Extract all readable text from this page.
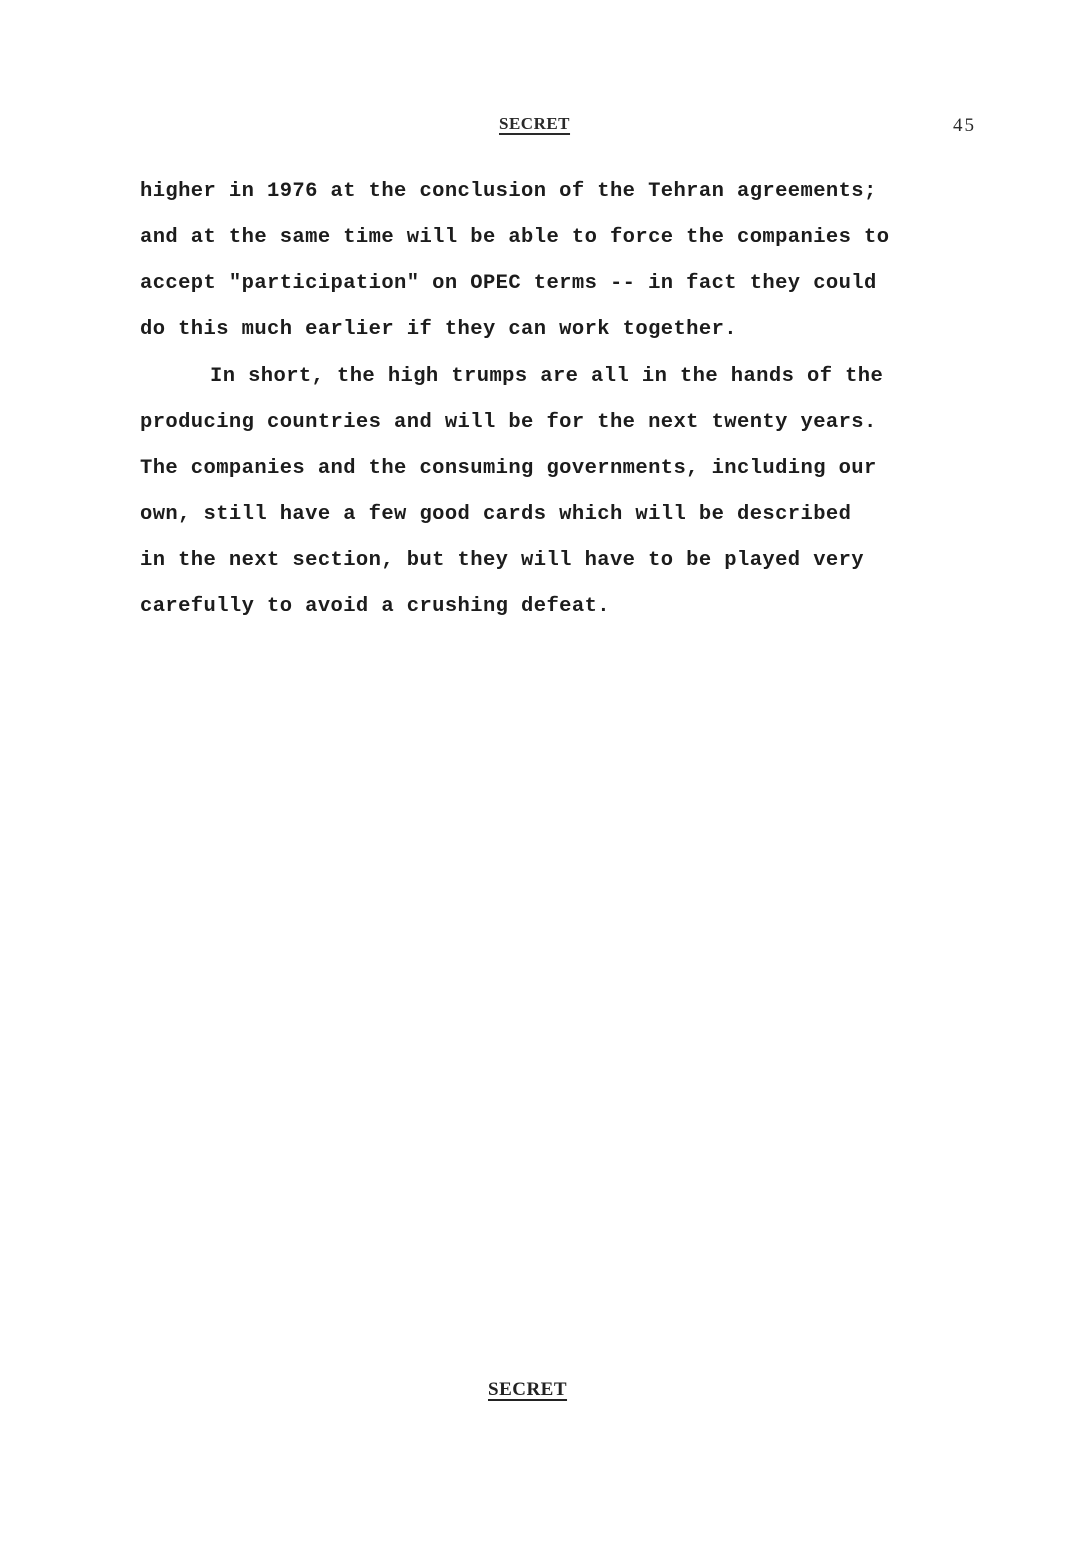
SECRET	45
higher in 1976 at the conclusion of the Tehran agreements;
and at the same time will be able to force the companies to
accept "participation" on OPEC terms -- in fact they could
do this much earlier if they can work together.
In short, the high trumps are all in the hands of the
producing countries and will be for the next twenty years.
The companies and the consuming governments, including our
own, still have a few good cards which will be described
in the next section, but they will have to be played very
carefully to avoid a crushing defeat.
SECRET
